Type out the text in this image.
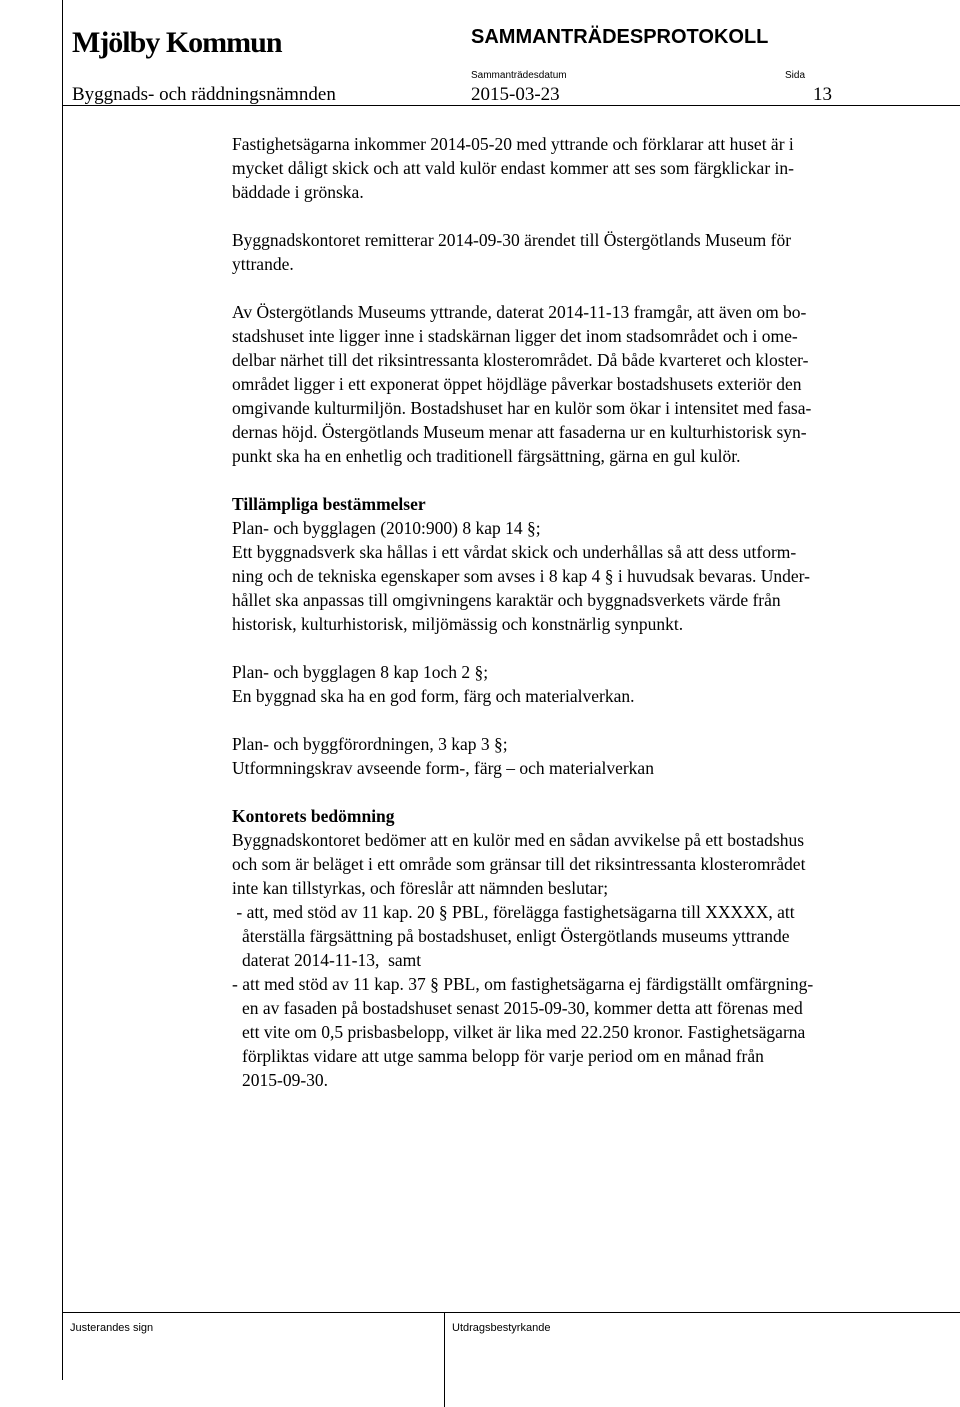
Mjölby Kommun	SAMMANTRÄDESPROTOKOLL
Sammanträdesdatum	Sida
Byggnads- och räddningsnämnden	2015-03-23	13

Fastighetsägarna inkommer 2014-05-20 med yttrande och förklarar att huset är i
mycket dåligt skick och att vald kulör endast kommer att ses som färgklickar in-
bäddade i grönska.

Byggnadskontoret remitterar 2014-09-30 ärendet till Östergötlands Museum för
yttrande.

Av Östergötlands Museums yttrande, daterat 2014-11-13 framgår, att även om bo-
stadshuset inte ligger inne i stadskärnan ligger det inom stadsområdet och i ome-
delbar närhet till det riksintressanta klosterområdet. Då både kvarteret och kloster-
området ligger i ett exponerat öppet höjdläge påverkar bostadshusets exteriör den
omgivande kulturmiljön. Bostadshuset har en kulör som ökar i intensitet med fasa-
dernas höjd. Östergötlands Museum menar att fasaderna ur en kulturhistorisk syn-
punkt ska ha en enhetlig och traditionell färgsättning, gärna en gul kulör.

Tillämpliga bestämmelser

Plan- och bygglagen (2010:900) 8 kap 14 §;
Ett byggnadsverk ska hållas i ett vårdat skick och underhållas så att dess utform-
ning och de tekniska egenskaper som avses i 8 kap 4 § i huvudsak bevaras. Under-
hållet ska anpassas till omgivningens karaktär och byggnadsverkets värde från
historisk, kulturhistorisk, miljömässig och konstnärlig synpunkt.

Plan- och bygglagen 8 kap 1och 2 §;
En byggnad ska ha en god form, färg och materialverkan.

Plan- och byggförordningen, 3 kap 3 §;
Utformningskrav avseende form-, färg – och materialverkan

Kontorets bedömning

Byggnadskontoret bedömer att en kulör med en sådan avvikelse på ett bostadshus
och som är beläget i ett område som gränsar till det riksintressanta klosterområdet
inte kan tillstyrkas, och föreslår att nämnden beslutar;

- att, med stöd av 11 kap. 20 § PBL, förelägga fastighetsägarna till XXXXX, att
återställa färgsättning på bostadshuset, enligt Östergötlands museums yttrande
daterat 2014-11-13,  samt

- att med stöd av 11 kap. 37 § PBL, om fastighetsägarna ej färdigställt omfärgning-
en av fasaden på bostadshuset senast 2015-09-30, kommer detta att förenas med
ett vite om 0,5 prisbasbelopp, vilket är lika med 22.250 kronor. Fastighetsägarna
förpliktas vidare att utge samma belopp för varje period om en månad från
2015-09-30.

Justerandes sign	Utdragsbestyrkande
